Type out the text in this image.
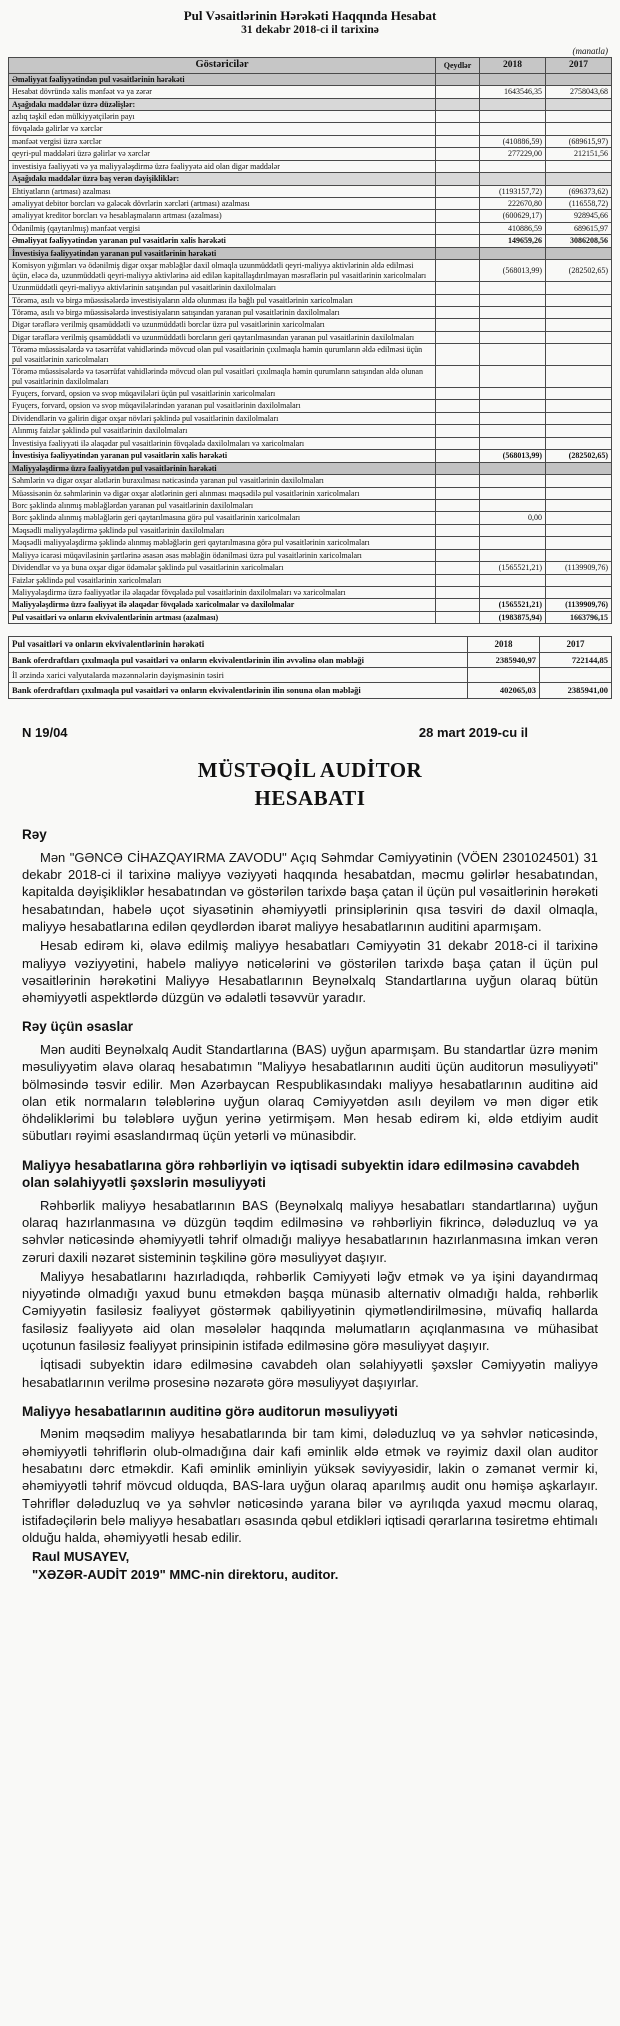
Pul Vəsaitlərinin Hərəkəti Haqqında Hesabat
31 dekabr 2018-ci il tarixinə
(manatla)
Göstəricilər	Qeydlər	2018	2017
Əməliyyat fəaliyyətindən pul vəsaitlərinin hərəkəti			
Hesabat dövründə xalis mənfəət və ya zərər		1643546,35	2758043,68
Aşağıdakı maddələr üzrə düzəlişlər:			
azlıq təşkil edən mülkiyyətçilərin payı			
fövqəladə gəlirlər və xərclər			
mənfəət vergisi üzrə xərclər		(410886,59)	(689615,97)
qeyri-pul maddələri üzrə gəlirlər və xərclər		277229,00	212151,56
investisiya fəaliyyəti və ya maliyyələşdirmə üzrə fəaliyyətə aid olan digər maddələr			
Aşağıdakı maddələr üzrə baş verən dəyişikliklər:			
Ehtiyatların (artması) azalması		(1193157,72)	(696373,62)
əməliyyat debitor borcları və gələcək dövrlərin xərcləri (artması) azalması		222670,80	(116558,72)
əməliyyat kreditor borcları və hesablaşmaların artması (azalması)		(600629,17)	928945,66
Ödənilmiş (qaytarılmış) mənfəət vergisi		410886,59	689615,97
Əməliyyat fəaliyyətindən yaranan pul vəsaitlərin xalis hərəkəti		149659,26	3086208,56
İnvestisiya fəaliyyətindən yaranan pul vəsaitlərinin hərəkəti			
Komisyon yığımları və ödənilmiş digər oxşar məbləğlər daxil olmaqla uzunmüddətli qeyri-maliyyə aktivlərinin əldə edilməsi üçün, eləcə də, uzunmüddətli qeyri-maliyyə aktivlərinə aid edilən kapitallaşdırılmayan məsrəflərin pul vəsaitlərinin xaricolmaları		(568013,99)	(282502,65)
Uzunmüddətli qeyri-maliyyə aktivlərinin satışından pul vəsaitlərinin daxilolmaları			
Törəmə, asılı və birgə müəssisələrdə investisiyaların əldə olunması ilə bağlı pul vəsaitlərinin xaricolmaları			
Törəmə, asılı və birgə müəssisələrdə investisiyaların satışından yaranan pul vəsaitlərinin daxilolmaları			
Digər tərəflərə verilmiş qısamüddətli və uzunmüddətli borclar üzrə pul vəsaitlərinin xaricolmaları			
Digər tərəflərə verilmiş qısamüddətli və uzunmüddətli borcların geri qaytarılmasından yaranan pul vəsaitlərinin daxilolmaları			
Törəmə müəssisələrdə və təsərrüfat vahidlərində mövcud olan pul vəsaitlərinin çıxılmaqla həmin qurumların əldə edilməsi üçün pul vəsaitlərinin xaricolmaları			
Törəmə müəssisələrdə və təsərrüfat vahidlərində mövcud olan pul vəsaitləri çıxılmaqla həmin qurumların satışından əldə olunan pul vəsaitlərinin daxilolmaları			
Fyuçers, forvard, opsion və svop müqavilələri üçün pul vəsaitlərinin xaricolmaları			
Fyuçers, forvard, opsion və svop müqavilələrindən yaranan pul vəsaitlərinin daxilolmaları			
Dividendlərin və gəlirin digər oxşar növləri şəklində pul vəsaitlərinin daxilolmaları			
Alınmış faizlər şəklində pul vəsaitlərinin daxilolmaları			
İnvestisiya fəaliyyəti ilə əlaqədar pul vəsaitlərinin fövqəladə daxilolmaları və xaricolmaları			
İnvestisiya fəaliyyətindən yaranan pul vəsaitlərin xalis hərəkəti		(568013,99)	(282502,65)
Maliyyələşdirmə üzrə fəaliyyətdən pul vəsaitlərinin hərəkəti			
Səhmlərin və digər oxşar alətlərin buraxılması nəticəsində yaranan pul vəsaitlərinin daxilolmaları			
Müəssisənin öz səhmlərinin və digər oxşar alətlərinin geri alınması məqsədilə pul vəsaitlərinin xaricolmaları			
Borc şəklində alınmış məbləğlərdən yaranan pul vəsaitlərinin daxilolmaları			
Borc şəklində alınmış məbləğlərin geri qaytarılmasına görə pul vəsaitlərinin xaricolmaları		0,00	
Məqsədli maliyyələşdirmə şəklində pul vəsaitlərinin daxilolmaları			
Məqsədli maliyyələşdirmə şəklində alınmış məbləğlərin geri qaytarılmasına görə pul vəsaitlərinin xaricolmaları			
Maliyyə icarəsi müqaviləsinin şərtlərinə əsasən əsas məbləğin ödənilməsi üzrə pul vəsaitlərinin xaricolmaları			
Dividendlər və ya buna oxşar digər ödəmələr şəklində pul vəsaitlərinin xaricolmaları		(1565521,21)	(1139909,76)
Faizlər şəklində pul vəsaitlərinin xaricolmaları			
Maliyyələşdirmə üzrə fəaliyyətlər ilə əlaqədar fövqəladə pul vəsaitlərinin daxilolmaları və xaricolmaları			
Maliyyələşdirmə üzrə fəaliyyət ilə əlaqədar fövqəladə xaricolmalar və daxilolmalar		(1565521,21)	(1139909,76)
Pul vəsaitləri və onların ekvivalentlərinin artması (azalması)		(1983875,94)	1663796,15
Pul vəsaitləri və onların ekvivalentlərinin hərəkəti	2018	2017
Bank oferdraftları çıxılmaqla pul vəsaitləri və onların ekvivalentlərinin ilin əvvəlinə olan məbləği	2385940,97	722144,85
İl ərzində xarici valyutalarda məzənnələrin dəyişməsinin təsiri		
Bank oferdraftları çıxılmaqla pul vəsaitləri və onların ekvivalentlərinin ilin sonuna olan məbləği	402065,03	2385941,00
N 19/04	28 mart 2019-cu il
MÜSTƏQİL AUDİTOR
HESABATI
Rəy

Mən "GƏNCƏ CİHAZQAYIRMA ZAVODU" Açıq Səhmdar Cəmiyyətinin (VÖEN 2301024501) 31 dekabr 2018-ci il tarixinə maliyyə vəziyyəti haqqında hesabatdan, məcmu gəlirlər hesabatından, kapitalda dəyişikliklər hesabatından və göstərilən tarixdə başa çatan il üçün pul vəsaitlərinin hərəkəti hesabatından, habelə uçot siyasətinin əhəmiyyətli prinsiplərinin qısa təsviri də daxil olmaqla, maliyyə hesabatlarına edilən qeydlərdən ibarət maliyyə hesabatlarının auditini aparmışam.

Hesab edirəm ki, əlavə edilmiş maliyyə hesabatları Cəmiyyətin 31 dekabr 2018-ci il tarixinə maliyyə vəziyyətini, habelə maliyyə nəticələrini və göstərilən tarixdə başa çatan il üçün pul vəsaitlərinin hərəkətini Maliyyə Hesabatlarının Beynəlxalq Standartlarına uyğun olaraq bütün əhəmiyyətli aspektlərdə düzgün və ədalətli təsəvvür yaradır.

Rəy üçün əsaslar

Mən auditi Beynəlxalq Audit Standartlarına (BAS) uyğun aparmışam. Bu standartlar üzrə mənim məsuliyyətim əlavə olaraq hesabatımın "Maliyyə hesabatlarının auditi üçün auditorun məsuliyyəti" bölməsində təsvir edilir. Mən Azərbaycan Respublikasındakı maliyyə hesabatlarının auditinə aid olan etik normaların tələblərinə uyğun olaraq Cəmiyyətdən asılı deyiləm və mən digər etik öhdəliklərimi bu tələblərə uyğun yerinə yetirmişəm. Mən hesab edirəm ki, əldə etdiyim audit sübutları rəyimi əsaslandırmaq üçün yetərli və münasibdir.

Maliyyə hesabatlarına görə rəhbərliyin və iqtisadi subyektin idarə edilməsinə cavabdeh olan səlahiyyətli şəxslərin məsuliyyəti

Rəhbərlik maliyyə hesabatlarının BAS (Beynəlxalq maliyyə hesabatları standartlarına) uyğun olaraq hazırlanmasına və düzgün təqdim edilməsinə və rəhbərliyin fikrincə, dələduzluq və ya səhvlər nəticəsində əhəmiyyətli təhrif olmadığı maliyyə hesabatlarının hazırlanmasına imkan verən zəruri daxili nəzarət sisteminin təşkilinə görə məsuliyyət daşıyır.

Maliyyə hesabatlarını hazırladıqda, rəhbərlik Cəmiyyəti ləğv etmək və ya işini dayandırmaq niyyətində olmadığı yaxud bunu etməkdən başqa münasib alternativ olmadığı halda, rəhbərlik Cəmiyyətin fasiləsiz fəaliyyət göstərmək qabiliyyətinin qiymətləndirilməsinə, müvafiq hallarda fasiləsiz fəaliyyətə aid olan məsələlər haqqında məlumatların açıqlanmasına və mühasibat uçotunun fasiləsiz fəaliyyət prinsipinin istifadə edilməsinə görə məsuliyyət daşıyır.

İqtisadi subyektin idarə edilməsinə cavabdeh olan səlahiyyətli şəxslər Cəmiyyətin maliyyə hesabatlarının verilmə prosesinə nəzarətə görə məsuliyyət daşıyırlar.

Maliyyə hesabatlarının auditinə görə auditorun məsuliyyəti

Mənim məqsədim maliyyə hesabatlarında bir tam kimi, dələduzluq və ya səhvlər nəticəsində, əhəmiyyətli təhriflərin olub-olmadığına dair kafi əminlik əldə etmək və rəyimiz daxil olan auditor hesabatını dərc etməkdir. Kafi əminlik əminliyin yüksək səviyyəsidir, lakin o zəmanət vermir ki, əhəmiyyətli təhrif mövcud olduqda, BAS-lara uyğun olaraq aparılmış audit onu həmişə aşkarlayır. Təhriflər dələduzluq və ya səhvlər nəticəsində yarana bilər və ayrılıqda yaxud məcmu olaraq, istifadəçilərin belə maliyyə hesabatları əsasında qəbul etdikləri iqtisadi qərarlarına təsiretmə ehtimalı olduğu halda, əhəmiyyətli hesab edilir.

Raul MUSAYEV,

"XƏZƏR-AUDİT 2019" MMC-nin direktoru, auditor.
